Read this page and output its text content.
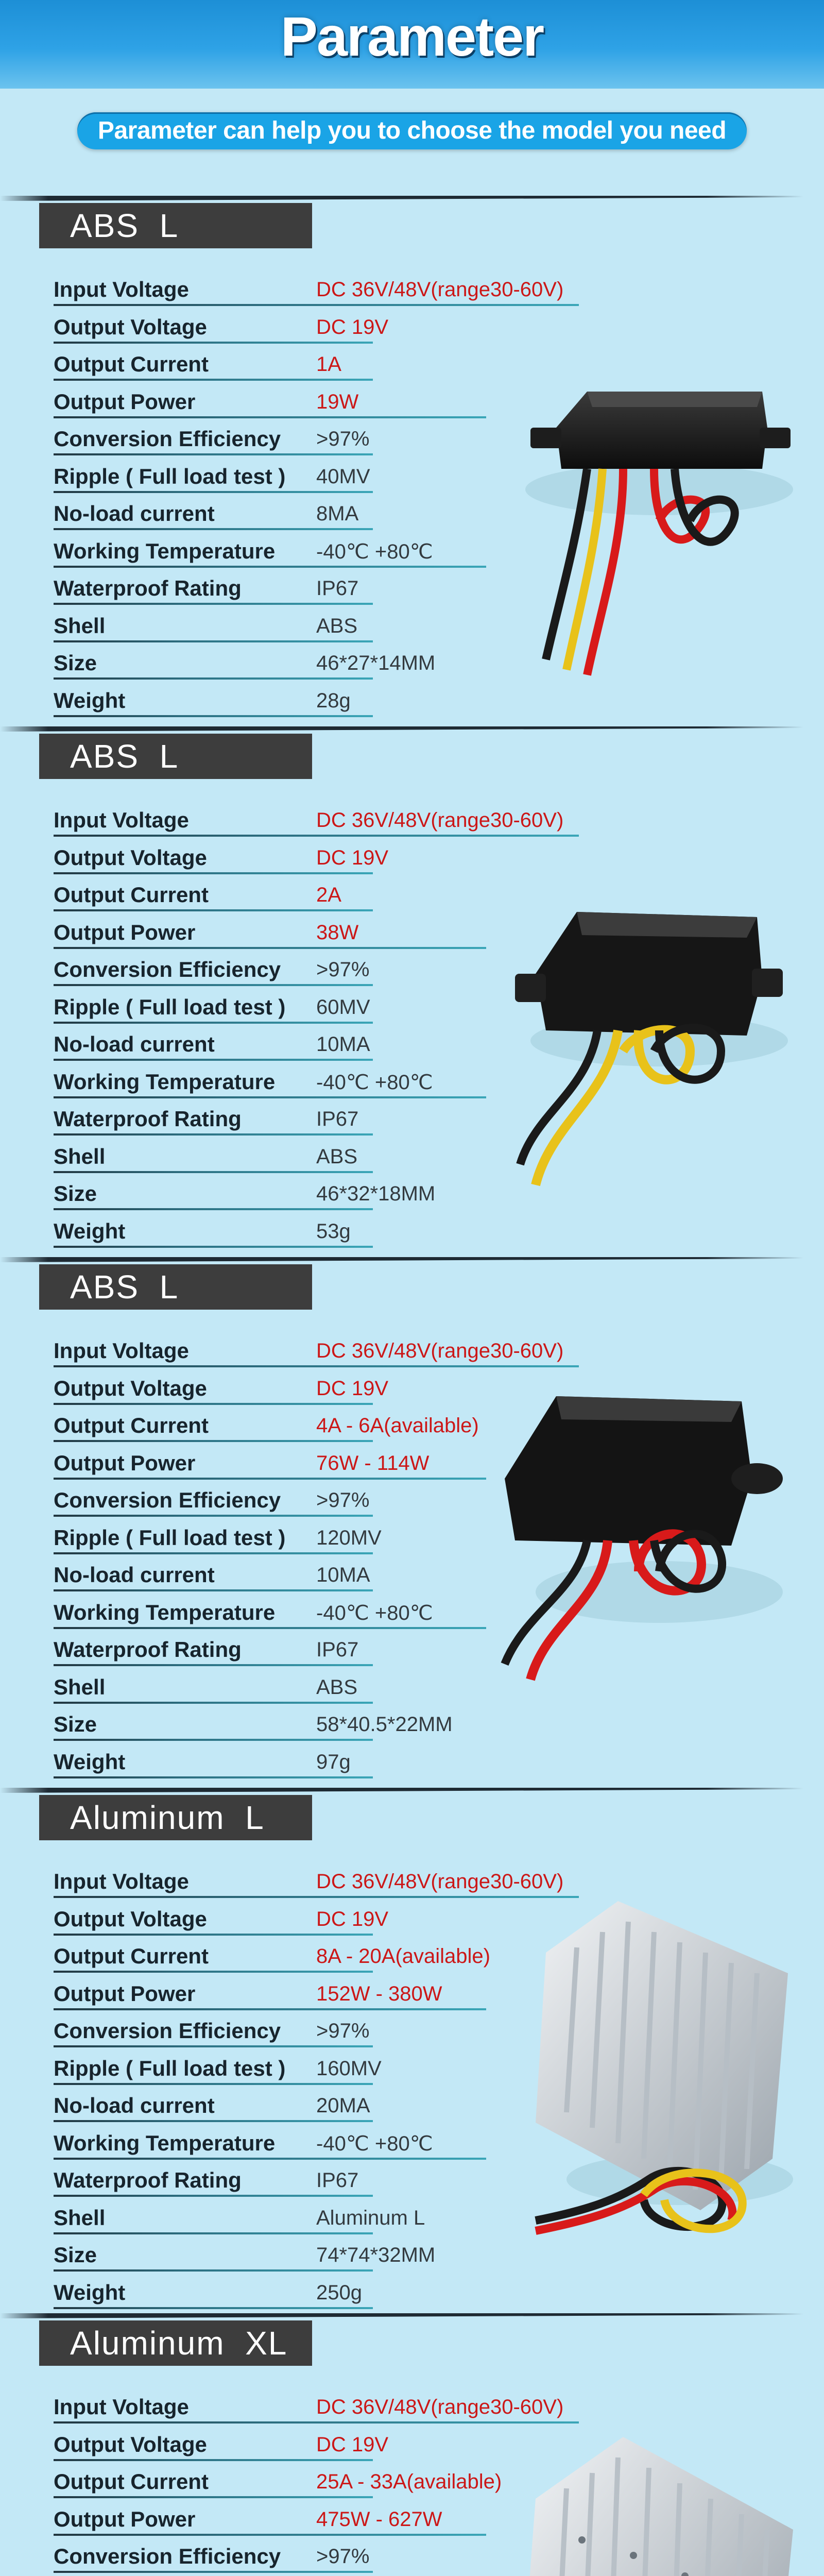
Parameter
Parameter can help you to choose the model you need
ABS  L
Input Voltage	DC 36V/48V(range30-60V)
Output Voltage	DC 19V
Output Current	1A
Output Power	19W
Conversion Efficiency >97%
Ripple ( Full load test ) 40MV
No-load current	8MA
Working Temperature -40℃ +80℃
Waterproof Rating	IP67
Shell	ABS
Size	46*27*14MM
Weight	28g
ABS  L
Input Voltage	DC 36V/48V(range30-60V)
Output Voltage	DC 19V
Output Current	2A
Output Power	38W
Conversion Efficiency >97%
Ripple ( Full load test ) 60MV
No-load current	10MA
Working Temperature -40℃ +80℃
Waterproof Rating	IP67
Shell	ABS
Size	46*32*18MM
Weight	53g
ABS  L
Input Voltage	DC 36V/48V(range30-60V)
Output Voltage	DC 19V
Output Current	4A - 6A(available)
Output Power	76W - 114W
Conversion Efficiency >97%
Ripple ( Full load test ) 120MV
No-load current	10MA
Working Temperature -40℃ +80℃
Waterproof Rating	IP67
Shell	ABS
Size	58*40.5*22MM
Weight	97g
Aluminum  L
Input Voltage	DC 36V/48V(range30-60V)
Output Voltage	DC 19V
Output Current	8A - 20A(available)
Output Power	152W - 380W
Conversion Efficiency >97%
Ripple ( Full load test ) 160MV
No-load current	20MA
Working Temperature -40℃ +80℃
Waterproof Rating	IP67
Shell	Aluminum L
Size	74*74*32MM
Weight	250g
Aluminum  XL
Input Voltage	DC 36V/48V(range30-60V)
Output Voltage	DC 19V
Output Current	25A - 33A(available)
Output Power	475W - 627W
Conversion Efficiency >97%
